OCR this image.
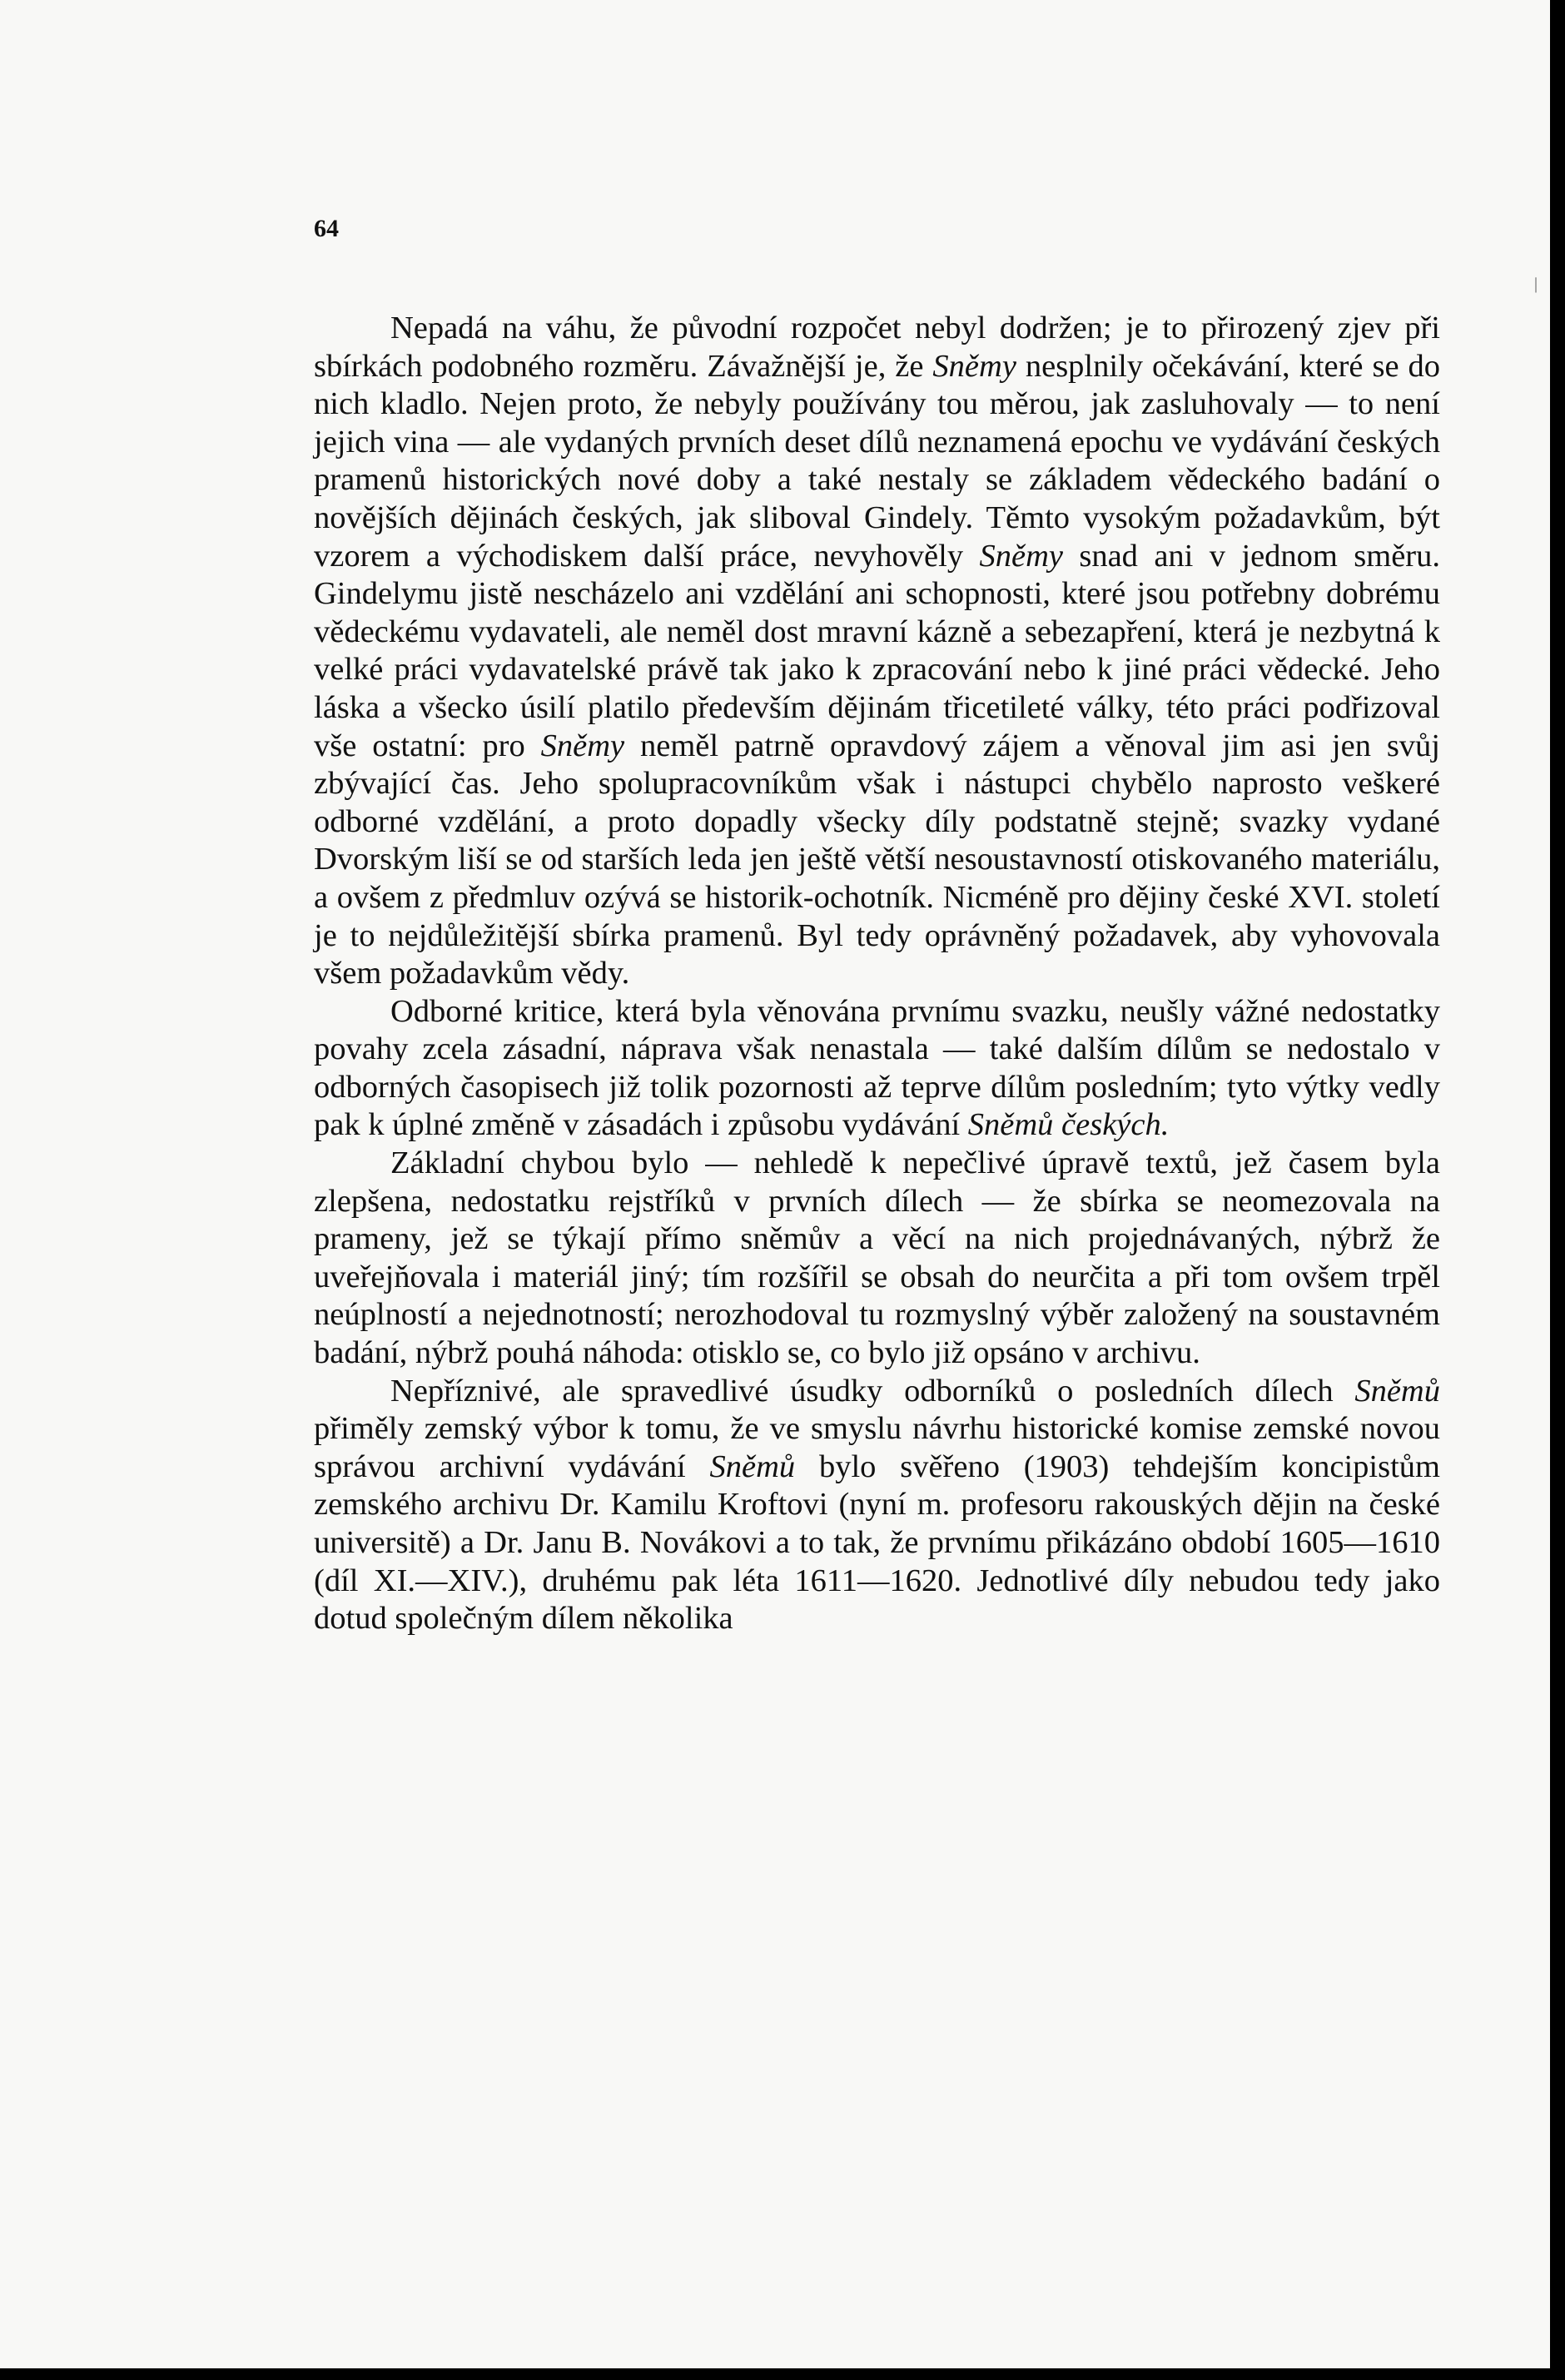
64

Nepadá na váhu, že původní rozpočet nebyl dodržen; je to přirozený zjev při sbírkách podobného rozměru. Závažnější je, že Sněmy nesplnily očekávání, které se do nich kladlo. Nejen proto, že nebyly používány tou měrou, jak zasluhovaly — to není jejich vina — ale vydaných prvních deset dílů neznamená epochu ve vydávání českých pramenů historických nové doby a také nestaly se základem vědeckého badání o novějších dějinách českých, jak sliboval Gindely. Těmto vysokým požadavkům, být vzorem a východiskem další práce, nevyhověly Sněmy snad ani v jednom směru. Gindelymu jistě nescházelo ani vzdělání ani schopnosti, které jsou potřebny dobrému vědeckému vydavateli, ale neměl dost mravní kázně a sebezapření, která je nezbytná k velké práci vydavatelské právě tak jako k zpracování nebo k jiné práci vědecké. Jeho láska a všecko úsilí platilo především dějinám třicetileté války, této práci podřizoval vše ostatní: pro Sněmy neměl patrně opravdový zájem a věnoval jim asi jen svůj zbývající čas. Jeho spolupracovníkům však i nástupci chybělo naprosto veškeré odborné vzdělání, a proto dopadly všecky díly podstatně stejně; svazky vydané Dvorským liší se od starších leda jen ještě větší nesoustavností otiskovaného materiálu, a ovšem z předmluv ozývá se historik-ochotník. Nicméně pro dějiny české XVI. století je to nejdůležitější sbírka pramenů. Byl tedy oprávněný požadavek, aby vyhovovala všem požadavkům vědy.

Odborné kritice, která byla věnována prvnímu svazku, neušly vážné nedostatky povahy zcela zásadní, náprava však nenastala — také dalším dílům se nedostalo v odborných časopisech již tolik pozornosti až teprve dílům posledním; tyto výtky vedly pak k úplné změně v zásadách i způsobu vydávání Sněmů českých.

Základní chybou bylo — nehledě k nepečlivé úpravě textů, jež časem byla zlepšena, nedostatku rejstříků v prvních dílech — že sbírka se neomezovala na prameny, jež se týkají přímo sněmův a věcí na nich projednávaných, nýbrž že uveřejňovala i materiál jiný; tím rozšířil se obsah do neurčita a při tom ovšem trpěl neúplností a nejednotností; nerozhodoval tu rozmyslný výběr založený na soustavném badání, nýbrž pouhá náhoda: otisklo se, co bylo již opsáno v archivu.

Nepříznivé, ale spravedlivé úsudky odborníků o posledních dílech Sněmů přiměly zemský výbor k tomu, že ve smyslu návrhu historické komise zemské novou správou archivní vydávání Sněmů bylo svěřeno (1903) tehdejším koncipistům zemského archivu Dr. Kamilu Kroftovi (nyní m. profesoru rakouských dějin na české universitě) a Dr. Janu B. Novákovi a to tak, že prvnímu přikázáno období 1605—1610 (díl XI.—XIV.), druhému pak léta 1611—1620. Jednotlivé díly nebudou tedy jako dotud společným dílem několika

|
